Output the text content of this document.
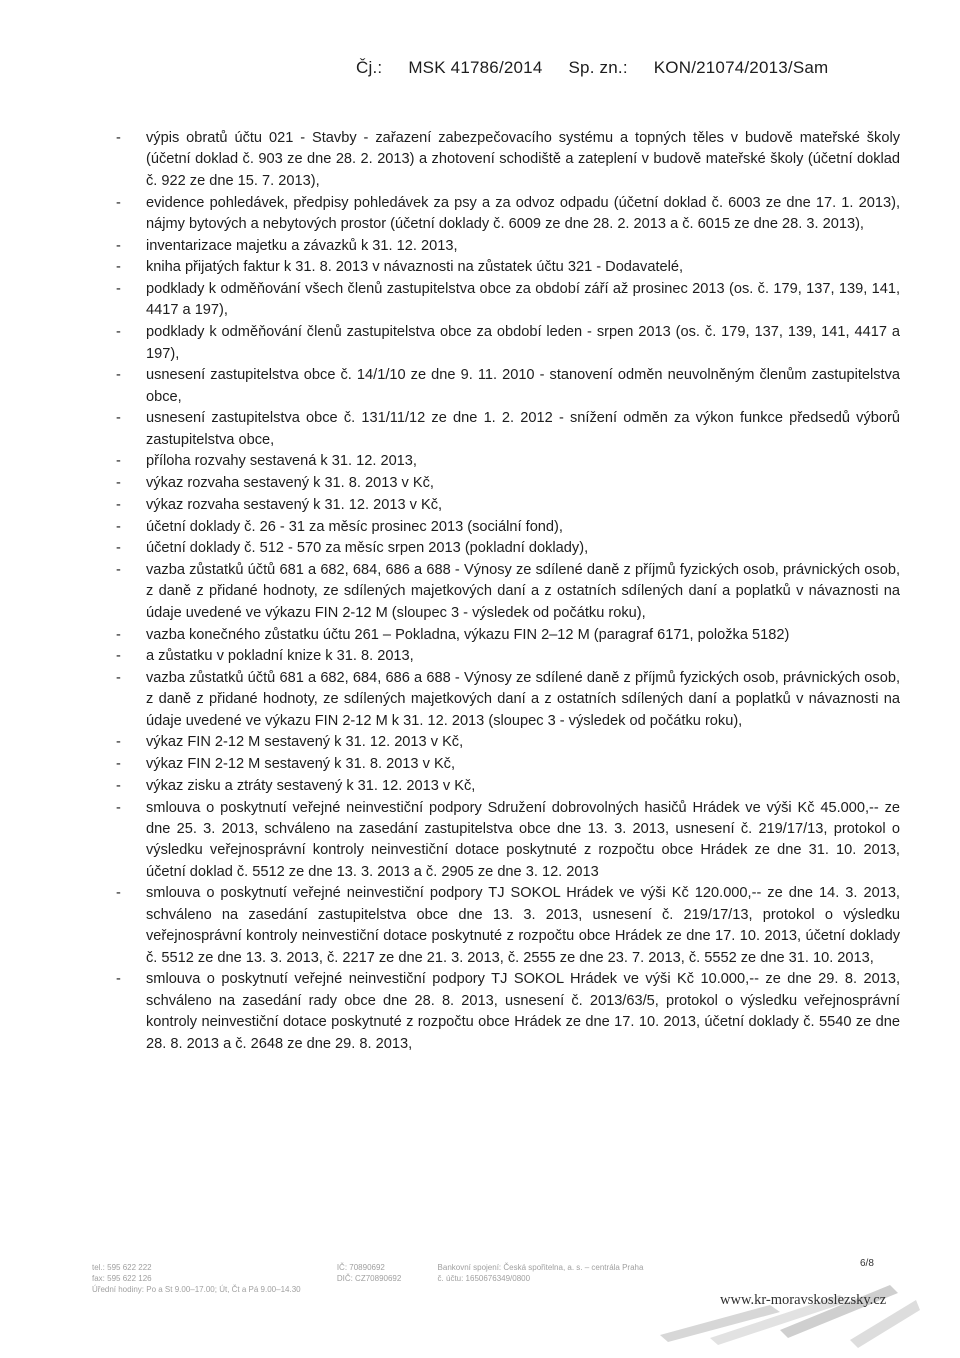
Čj.: MSK 41786/2014 Sp. zn.: KON/21074/2013/Sam
- výpis obratů účtu 021 - Stavby - zařazení zabezpečovacího systému a topných těles v budově mateřské školy (účetní doklad č. 903 ze dne 28. 2. 2013) a zhotovení schodiště a zateplení v budově mateřské školy (účetní doklad č. 922 ze dne 15. 7. 2013),
- evidence pohledávek, předpisy pohledávek za psy a za odvoz odpadu (účetní doklad č. 6003 ze dne 17. 1. 2013), nájmy bytových a nebytových prostor (účetní doklady č. 6009 ze dne 28. 2. 2013 a č. 6015 ze dne 28. 3. 2013),
- inventarizace majetku a závazků k 31. 12. 2013,
- kniha přijatých faktur k 31. 8. 2013 v návaznosti na zůstatek účtu 321 - Dodavatelé,
- podklady k odměňování všech členů zastupitelstva obce za období září až prosinec 2013 (os. č. 179, 137, 139, 141, 4417 a 197),
- podklady k odměňování členů zastupitelstva obce za období leden - srpen 2013 (os. č. 179, 137, 139, 141, 4417 a 197),
- usnesení zastupitelstva obce č. 14/1/10 ze dne 9. 11. 2010 - stanovení odměn neuvolněným členům zastupitelstva obce,
- usnesení zastupitelstva obce č. 131/11/12 ze dne 1. 2. 2012 - snížení odměn za výkon funkce předsedů výborů zastupitelstva obce,
- příloha rozvahy sestavená k 31. 12. 2013,
- výkaz rozvaha sestavený k 31. 8. 2013 v Kč,
- výkaz rozvaha sestavený k 31. 12. 2013 v Kč,
- účetní doklady č. 26 - 31 za měsíc prosinec 2013 (sociální fond),
- účetní doklady č. 512 - 570 za měsíc srpen 2013 (pokladní doklady),
- vazba zůstatků účtů 681 a 682, 684, 686 a 688 - Výnosy ze sdílené daně z příjmů fyzických osob, právnických osob, z daně z přidané hodnoty, ze sdílených majetkových daní a z ostatních sdílených daní a poplatků v návaznosti na údaje uvedené ve výkazu FIN 2-12 M (sloupec 3 - výsledek od počátku roku),
- vazba konečného zůstatku účtu 261 – Pokladna, výkazu FIN 2–12 M (paragraf 6171, položka 5182)
- a zůstatku v pokladní knize k 31. 8. 2013,
- vazba zůstatků účtů 681 a 682, 684, 686 a 688 - Výnosy ze sdílené daně z příjmů fyzických osob, právnických osob, z daně z přidané hodnoty, ze sdílených majetkových daní a z ostatních sdílených daní a poplatků v návaznosti na údaje uvedené ve výkazu FIN 2-12 M k 31. 12. 2013 (sloupec 3 - výsledek od počátku roku),
- výkaz FIN 2-12 M sestavený k 31. 12. 2013 v Kč,
- výkaz FIN 2-12 M sestavený k 31. 8. 2013 v Kč,
- výkaz zisku a ztráty sestavený k 31. 12. 2013 v Kč,
- smlouva o poskytnutí veřejné neinvestiční podpory Sdružení dobrovolných hasičů Hrádek ve výši Kč 45.000,-- ze dne 25. 3. 2013, schváleno na zasedání zastupitelstva obce dne 13. 3. 2013, usnesení č. 219/17/13, protokol o výsledku veřejnosprávní kontroly neinvestiční dotace poskytnuté z rozpočtu obce Hrádek ze dne 31. 10. 2013, účetní doklad č. 5512 ze dne 13. 3. 2013 a č. 2905 ze dne 3. 12. 2013
- smlouva o poskytnutí veřejné neinvestiční podpory TJ SOKOL Hrádek ve výši Kč 120.000,-- ze dne 14. 3. 2013, schváleno na zasedání zastupitelstva obce dne 13. 3. 2013, usnesení č. 219/17/13, protokol o výsledku veřejnosprávní kontroly neinvestiční dotace poskytnuté z rozpočtu obce Hrádek ze dne 17. 10. 2013, účetní doklady č. 5512 ze dne 13. 3. 2013, č. 2217 ze dne 21. 3. 2013, č. 2555 ze dne 23. 7. 2013, č. 5552 ze dne 31. 10. 2013,
- smlouva o poskytnutí veřejné neinvestiční podpory TJ SOKOL Hrádek ve výši Kč 10.000,-- ze dne 29. 8. 2013, schváleno na zasedání rady obce dne 28. 8. 2013, usnesení č. 2013/63/5, protokol o výsledku veřejnosprávní kontroly neinvestiční dotace poskytnuté z rozpočtu obce Hrádek ze dne 17. 10. 2013, účetní doklady č. 5540 ze dne 28. 8. 2013 a č. 2648 ze dne 29. 8. 2013,
tel.: 595 622 222
fax: 595 622 126
Úřední hodiny: Po a St 9.00–17.00; Út, Čt a Pá 9.00–14.30 IČ: 70890692
DIČ: CZ70890692 Bankovní spojení: Česká spořitelna, a. s. – centrála Praha
č. účtu: 1650676349/0800
6/8
www.kr-moravskoslezsky.cz
